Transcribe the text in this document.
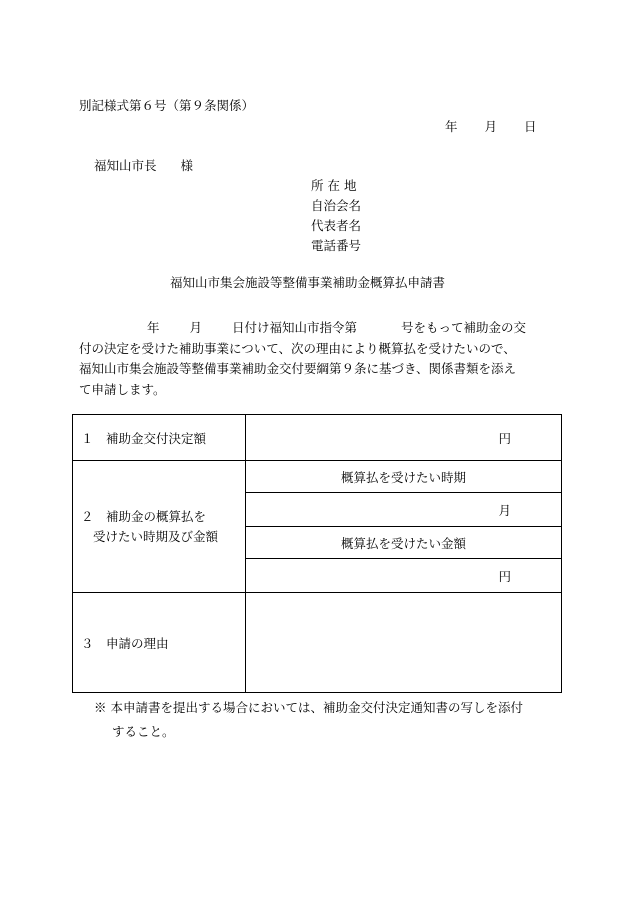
別記様式第６号（第９条関係）
年 月 日
福知山市長 様
所 在 地
自治会名
代表者名
電話番号
福知山市集会施設等整備事業補助金概算払申請書
年 月 日付け福知山市指令第	号をもって補助金の交
付の決定を受けた補助事業について、次の理由により概算払を受けたいので、
福知山市集会施設等整備事業補助金交付要綱第９条に基づき、関係書類を添え
て申請します。
１　補助金交付決定額	円

２　補助金の概算払を
受けたい時期及び金額	概算払を受けたい時期
	月
	概算払を受けたい金額
	円
３　申請の理由	
※ 本申請書を提出する場合においては、補助金交付決定通知書の写しを添付
すること。
